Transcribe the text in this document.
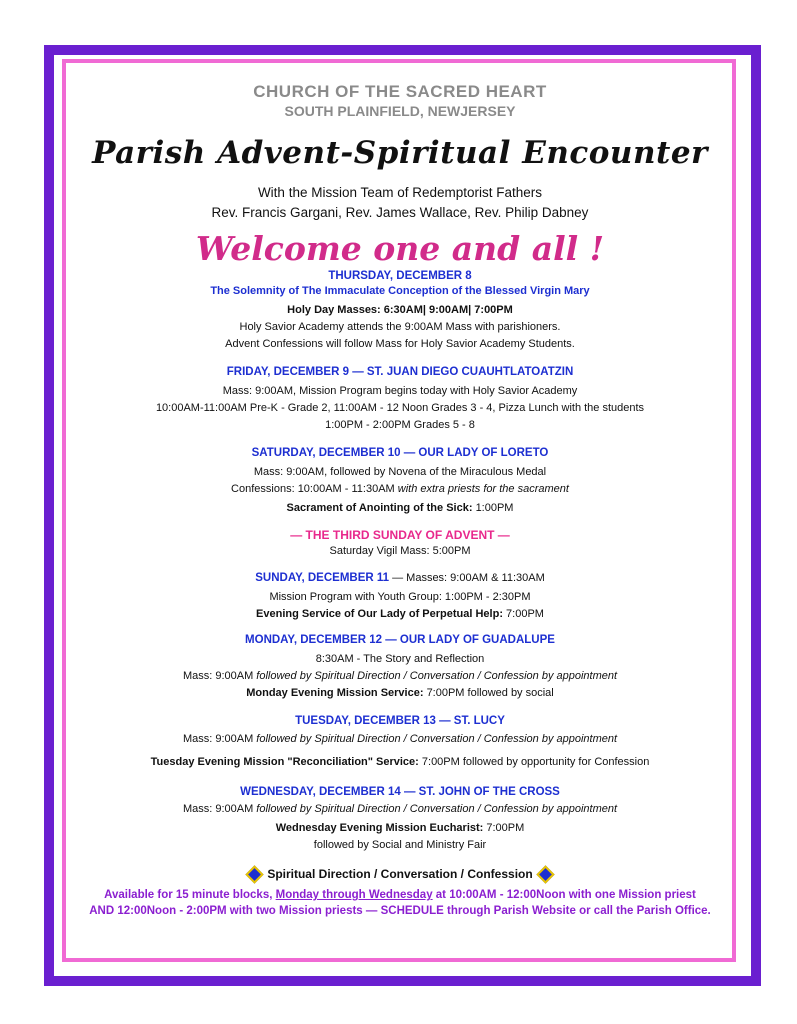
CHURCH OF THE SACRED HEART
SOUTH PLAINFIELD, NEWJERSEY
Parish Advent-Spiritual Encounter
With the Mission Team of Redemptorist Fathers
Rev. Francis Gargani, Rev. James Wallace, Rev. Philip Dabney
Welcome one and all !
THURSDAY, DECEMBER 8
The Solemnity of The Immaculate Conception of the Blessed Virgin Mary
Holy Day Masses: 6:30AM| 9:00AM| 7:00PM
Holy Savior Academy attends the 9:00AM Mass with parishioners.
Advent Confessions will follow Mass for Holy Savior Academy Students.
FRIDAY, DECEMBER 9 — ST. JUAN DIEGO CUAUHTLATOATZIN
Mass: 9:00AM, Mission Program begins today with Holy Savior Academy
10:00AM-11:00AM Pre-K - Grade 2, 11:00AM - 12 Noon Grades 3 - 4, Pizza Lunch with the students
1:00PM - 2:00PM Grades 5 - 8
SATURDAY, DECEMBER 10 — OUR LADY OF LORETO
Mass: 9:00AM, followed by Novena of the Miraculous Medal
Confessions: 10:00AM - 11:30AM with extra priests for the sacrament
Sacrament of Anointing of the Sick: 1:00PM
— THE THIRD SUNDAY OF ADVENT —
Saturday Vigil Mass: 5:00PM
SUNDAY, DECEMBER 11 — Masses: 9:00AM & 11:30AM
Mission Program with Youth Group: 1:00PM - 2:30PM
Evening Service of Our Lady of Perpetual Help: 7:00PM
MONDAY, DECEMBER 12 — OUR LADY OF GUADALUPE
8:30AM - The Story and Reflection
Mass: 9:00AM followed by Spiritual Direction / Conversation / Confession by appointment
Monday Evening Mission Service: 7:00PM followed by social
TUESDAY, DECEMBER 13 — ST. LUCY
Mass: 9:00AM followed by Spiritual Direction / Conversation / Confession by appointment
Tuesday Evening Mission "Reconciliation" Service: 7:00PM followed by opportunity for Confession
WEDNESDAY, DECEMBER 14 — ST. JOHN OF THE CROSS
Mass: 9:00AM followed by Spiritual Direction / Conversation / Confession by appointment
Wednesday Evening Mission Eucharist: 7:00PM
followed by Social and Ministry Fair
Spiritual Direction / Conversation / Confession
Available for 15 minute blocks, Monday through Wednesday at 10:00AM - 12:00Noon with one Mission priest
AND 12:00Noon - 2:00PM with two Mission priests — SCHEDULE through Parish Website or call the Parish Office.
